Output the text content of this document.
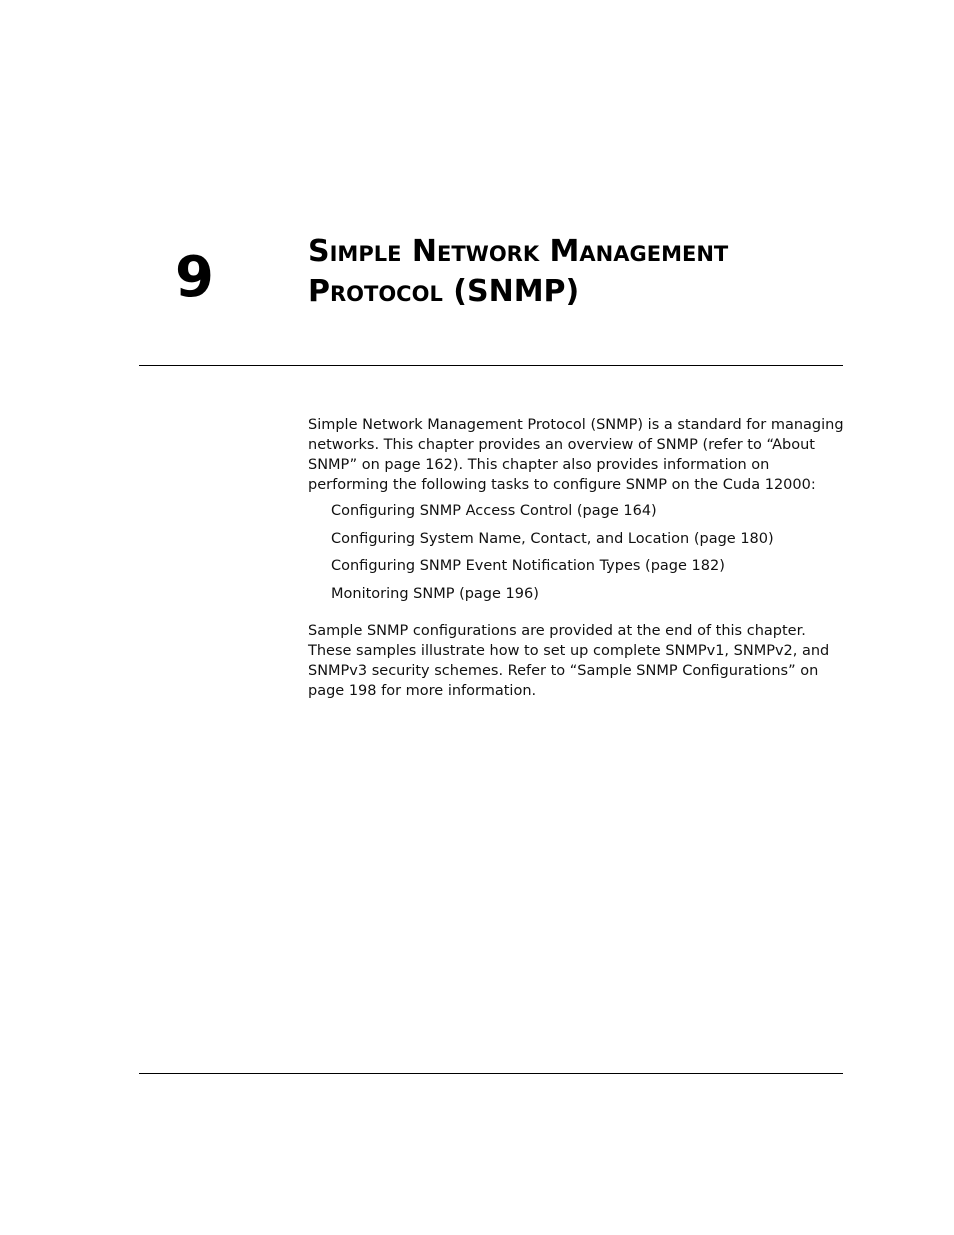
9	Simple Network Management
Protocol (SNMP)

Simple Network Management Protocol (SNMP) is a standard for managing networks. This chapter provides an overview of SNMP (refer to “About SNMP” on page 162). This chapter also provides information on performing the following tasks to configure SNMP on the Cuda 12000:

Configuring SNMP Access Control (page 164)
Configuring System Name, Contact, and Location (page 180)
Configuring SNMP Event Notification Types (page 182)
Monitoring SNMP (page 196)

Sample SNMP configurations are provided at the end of this chapter. These samples illustrate how to set up complete SNMPv1, SNMPv2, and SNMPv3 security schemes. Refer to “Sample SNMP Configurations” on page 198 for more information.
